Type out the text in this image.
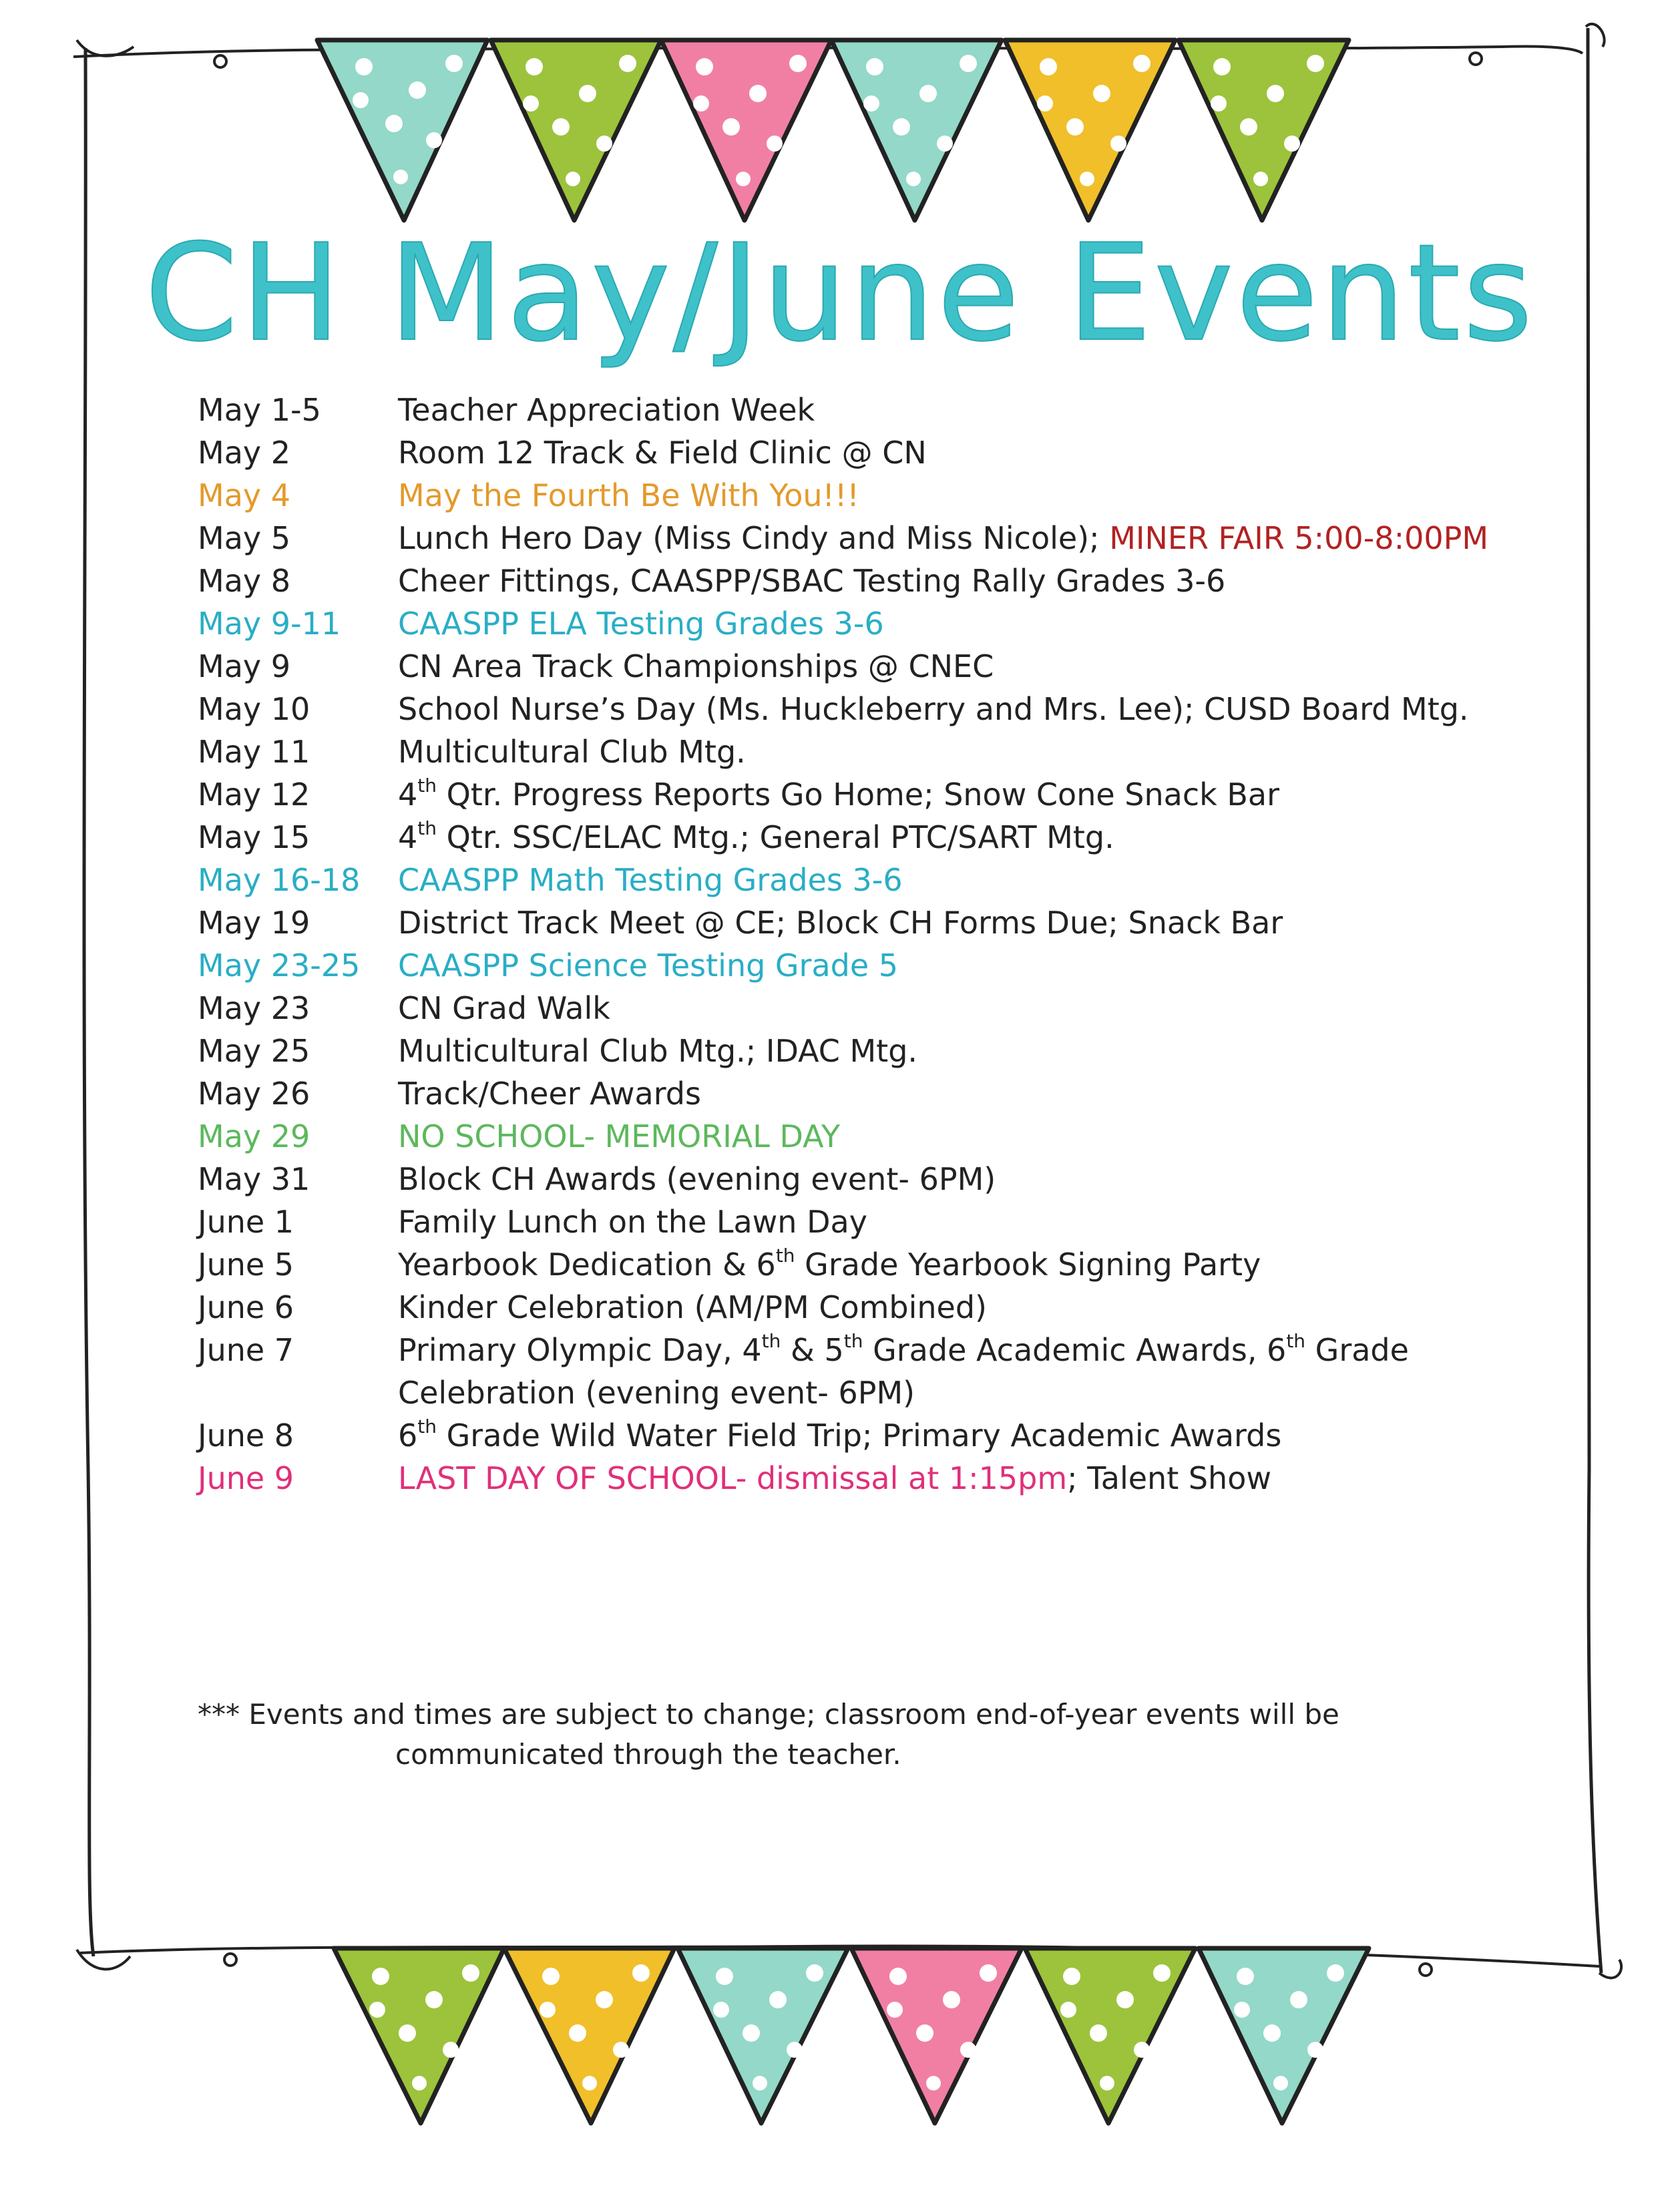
CH May/June Events
May 1-5	Teacher Appreciation Week
May 2	Room 12 Track & Field Clinic @ CN
May 4	May the Fourth Be With You!!!
May 5	Lunch Hero Day (Miss Cindy and Miss Nicole); MINER FAIR 5:00-8:00PM
May 8	Cheer Fittings, CAASPP/SBAC Testing Rally Grades 3-6
May 9-11	CAASPP ELA Testing Grades 3-6
May 9	CN Area Track Championships @ CNEC
May 10	School Nurse’s Day (Ms. Huckleberry and Mrs. Lee); CUSD Board Mtg.
May 11	Multicultural Club Mtg.
May 12	4th Qtr. Progress Reports Go Home; Snow Cone Snack Bar
May 15	4th Qtr. SSC/ELAC Mtg.; General PTC/SART Mtg.
May 16-18	CAASPP Math Testing Grades 3-6
May 19	District Track Meet @ CE; Block CH Forms Due; Snack Bar
May 23-25	CAASPP Science Testing Grade 5
May 23	CN Grad Walk
May 25	Multicultural Club Mtg.; IDAC Mtg.
May 26	Track/Cheer Awards
May 29	NO SCHOOL- MEMORIAL DAY
May 31	Block CH Awards (evening event- 6PM)
June 1	Family Lunch on the Lawn Day
June 5	Yearbook Dedication & 6th Grade Yearbook Signing Party
June 6	Kinder Celebration (AM/PM Combined)
June 7	Primary Olympic Day, 4th & 5th Grade Academic Awards, 6th Grade Celebration (evening event- 6PM)
June 8	6th Grade Wild Water Field Trip; Primary Academic Awards
June 9	LAST DAY OF SCHOOL- dismissal at 1:15pm; Talent Show
*** Events and times are subject to change; classroom end-of-year events will be
communicated through the teacher.
